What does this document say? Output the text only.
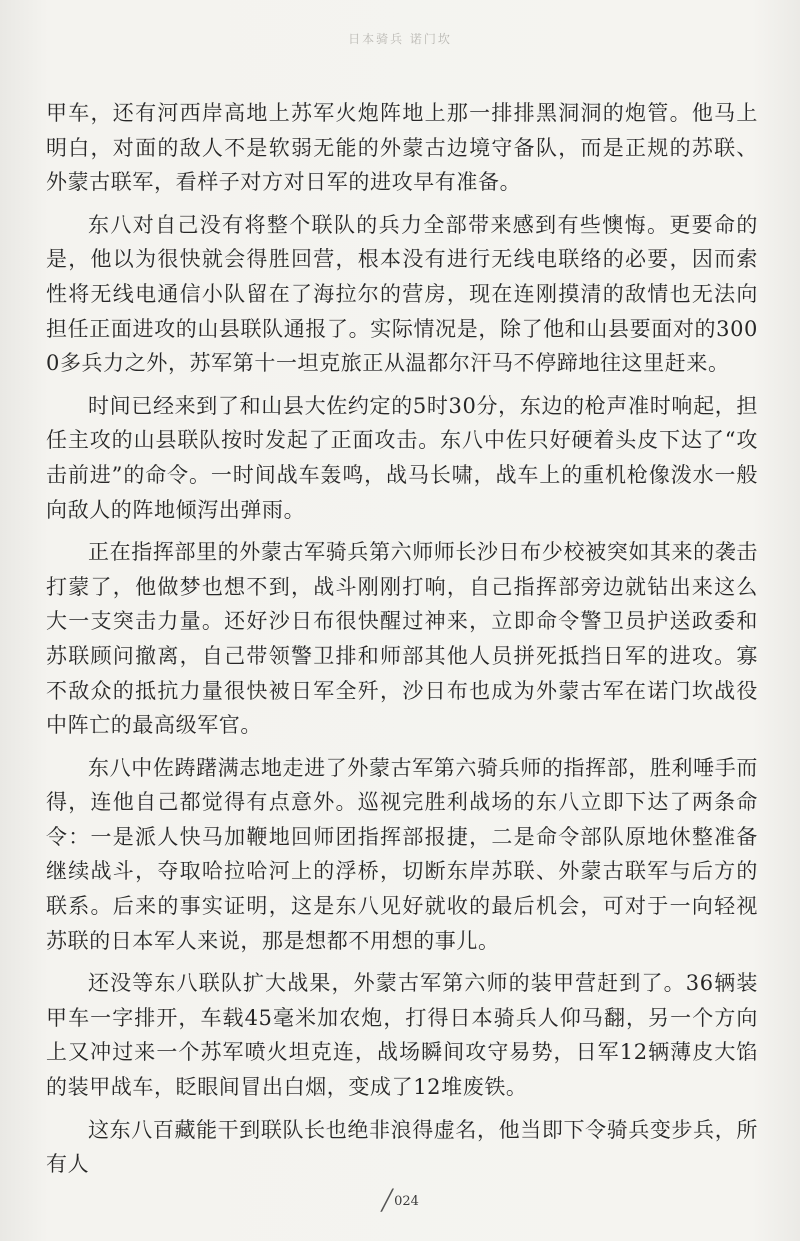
日本骑兵 诺门坎

甲车，还有河西岸高地上苏军火炮阵地上那一排排黑洞洞的炮管。他马上明白，对面的敌人不是软弱无能的外蒙古边境守备队，而是正规的苏联、外蒙古联军，看样子对方对日军的进攻早有准备。

东八对自己没有将整个联队的兵力全部带来感到有些懊悔。更要命的是，他以为很快就会得胜回营，根本没有进行无线电联络的必要，因而索性将无线电通信小队留在了海拉尔的营房，现在连刚摸清的敌情也无法向担任正面进攻的山县联队通报了。实际情况是，除了他和山县要面对的3000多兵力之外，苏军第十一坦克旅正从温都尔汗马不停蹄地往这里赶来。

时间已经来到了和山县大佐约定的5时30分，东边的枪声准时响起，担任主攻的山县联队按时发起了正面攻击。东八中佐只好硬着头皮下达了“攻击前进”的命令。一时间战车轰鸣，战马长啸，战车上的重机枪像泼水一般向敌人的阵地倾泻出弹雨。

正在指挥部里的外蒙古军骑兵第六师师长沙日布少校被突如其来的袭击打蒙了，他做梦也想不到，战斗刚刚打响，自己指挥部旁边就钻出来这么大一支突击力量。还好沙日布很快醒过神来，立即命令警卫员护送政委和苏联顾问撤离，自己带领警卫排和师部其他人员拼死抵挡日军的进攻。寡不敌众的抵抗力量很快被日军全歼，沙日布也成为外蒙古军在诺门坎战役中阵亡的最高级军官。

东八中佐踌躇满志地走进了外蒙古军第六骑兵师的指挥部，胜利唾手而得，连他自己都觉得有点意外。巡视完胜利战场的东八立即下达了两条命令：一是派人快马加鞭地回师团指挥部报捷，二是命令部队原地休整准备继续战斗，夺取哈拉哈河上的浮桥，切断东岸苏联、外蒙古联军与后方的联系。后来的事实证明，这是东八见好就收的最后机会，可对于一向轻视苏联的日本军人来说，那是想都不用想的事儿。

还没等东八联队扩大战果，外蒙古军第六师的装甲营赶到了。36辆装甲车一字排开，车载45毫米加农炮，打得日本骑兵人仰马翻，另一个方向上又冲过来一个苏军喷火坦克连，战场瞬间攻守易势，日军12辆薄皮大馅的装甲战车，眨眼间冒出白烟，变成了12堆废铁。

这东八百藏能干到联队长也绝非浪得虚名，他当即下令骑兵变步兵，所有人

╱024
